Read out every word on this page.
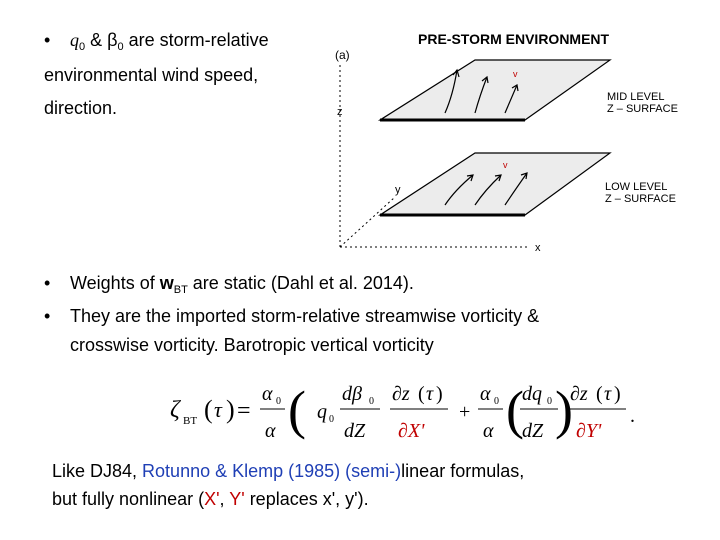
• $q_0$ & $\beta_0$ are storm-relative
environmental wind speed,
direction.
(a)
PRE-STORM ENVIRONMENT
z
y
x
v
v
MID LEVEL
Z – SURFACE
LOW LEVEL
Z – SURFACE
• Weights of $w_{BT}$ are static (Dahl et al. 2014).
• They are the imported storm-relative streamwise vorticity &
crosswise vorticity. Barotropic vertical vorticity
ζ BT ( τ ) =
α 0
α ( q 0
dβ 0
dZ
∂z ( τ )
∂X'
+
α 0
α (
dq 0
dZ )
∂z ( τ )
∂Y'
.
Like DJ84, Rotunno & Klemp (1985) (semi-)linear formulas,
but fully nonlinear (X', Y' replaces x', y').
